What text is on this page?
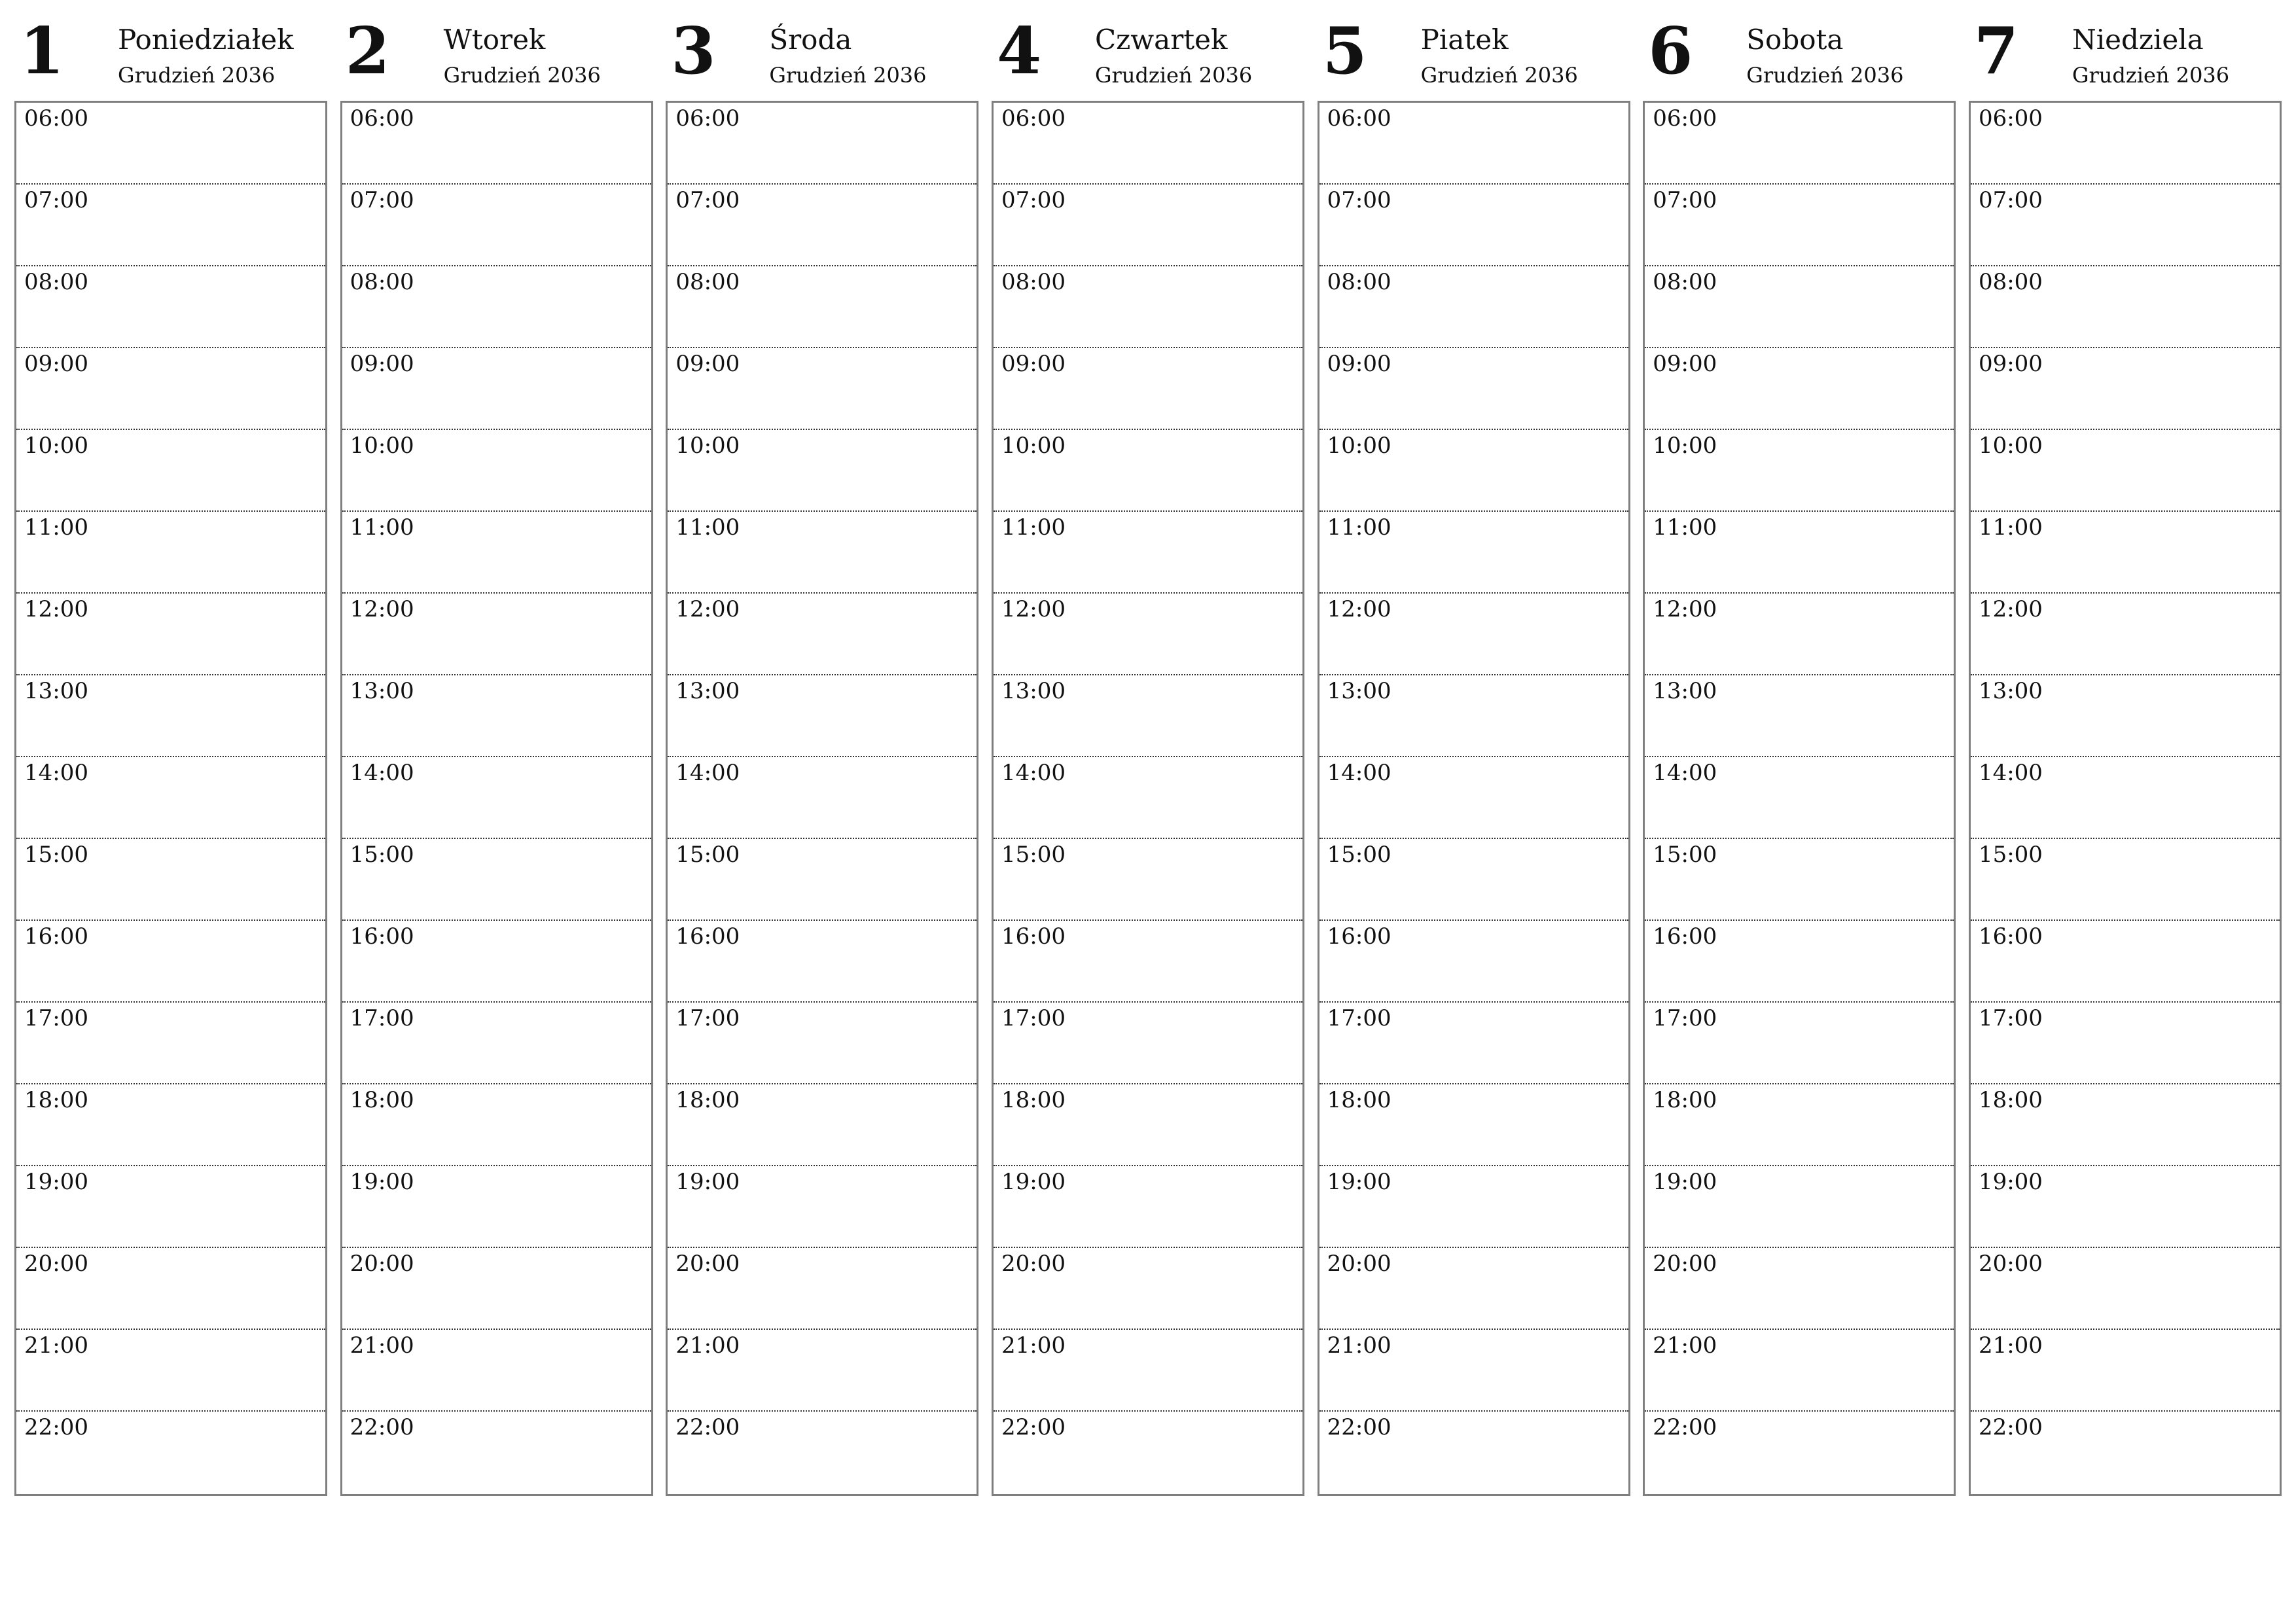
1 Poniedziałek
Grudzień 2036
06:00
07:00
08:00
09:00
10:00
11:00
12:00
13:00
14:00
15:00
16:00
17:00
18:00
19:00
20:00
21:00
22:00
2 Wtorek
Grudzień 2036
06:00
07:00
08:00
09:00
10:00
11:00
12:00
13:00
14:00
15:00
16:00
17:00
18:00
19:00
20:00
21:00
22:00
3 Środa
Grudzień 2036
06:00
07:00
08:00
09:00
10:00
11:00
12:00
13:00
14:00
15:00
16:00
17:00
18:00
19:00
20:00
21:00
22:00
4 Czwartek
Grudzień 2036
06:00
07:00
08:00
09:00
10:00
11:00
12:00
13:00
14:00
15:00
16:00
17:00
18:00
19:00
20:00
21:00
22:00
5 Piatek
Grudzień 2036
06:00
07:00
08:00
09:00
10:00
11:00
12:00
13:00
14:00
15:00
16:00
17:00
18:00
19:00
20:00
21:00
22:00
6 Sobota
Grudzień 2036
06:00
07:00
08:00
09:00
10:00
11:00
12:00
13:00
14:00
15:00
16:00
17:00
18:00
19:00
20:00
21:00
22:00
7 Niedziela
Grudzień 2036
06:00
07:00
08:00
09:00
10:00
11:00
12:00
13:00
14:00
15:00
16:00
17:00
18:00
19:00
20:00
21:00
22:00
